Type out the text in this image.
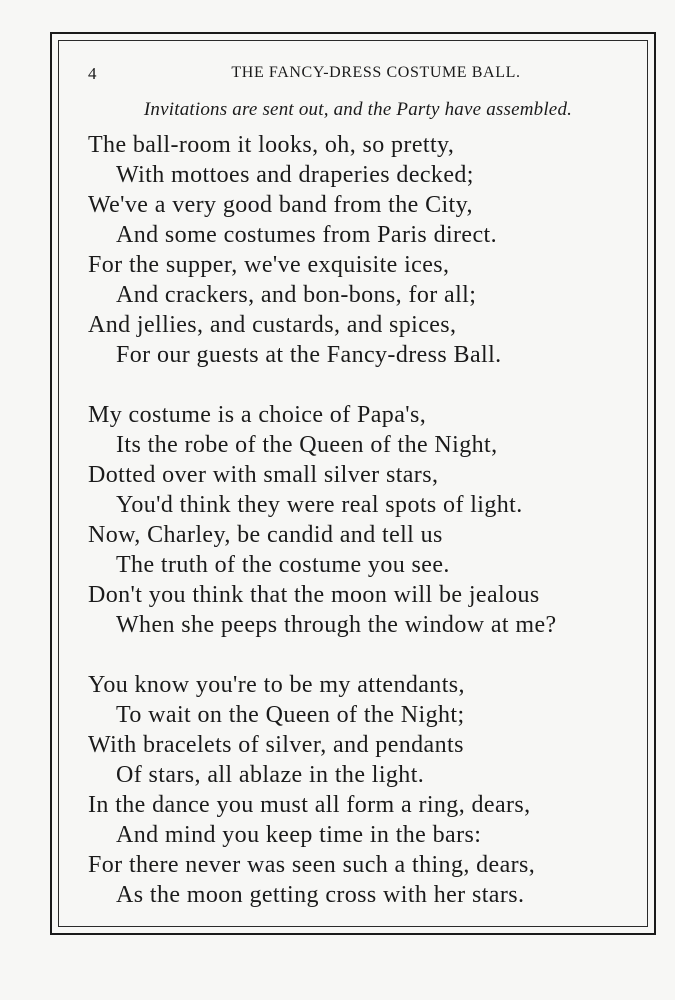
4	THE FANCY-DRESS COSTUME BALL.
Invitations are sent out, and the Party have assembled.
The ball-room it looks, oh, so pretty,
With mottoes and draperies decked;
We've a very good band from the City,
And some costumes from Paris direct.
For the supper, we've exquisite ices,
And crackers, and bon-bons, for all;
And jellies, and custards, and spices,
For our guests at the Fancy-dress Ball.
My costume is a choice of Papa's,
Its the robe of the Queen of the Night,
Dotted over with small silver stars,
You'd think they were real spots of light.
Now, Charley, be candid and tell us
The truth of the costume you see.
Don't you think that the moon will be jealous
When she peeps through the window at me?
You know you're to be my attendants,
To wait on the Queen of the Night;
With bracelets of silver, and pendants
Of stars, all ablaze in the light.
In the dance you must all form a ring, dears,
And mind you keep time in the bars:
For there never was seen such a thing, dears,
As the moon getting cross with her stars.
